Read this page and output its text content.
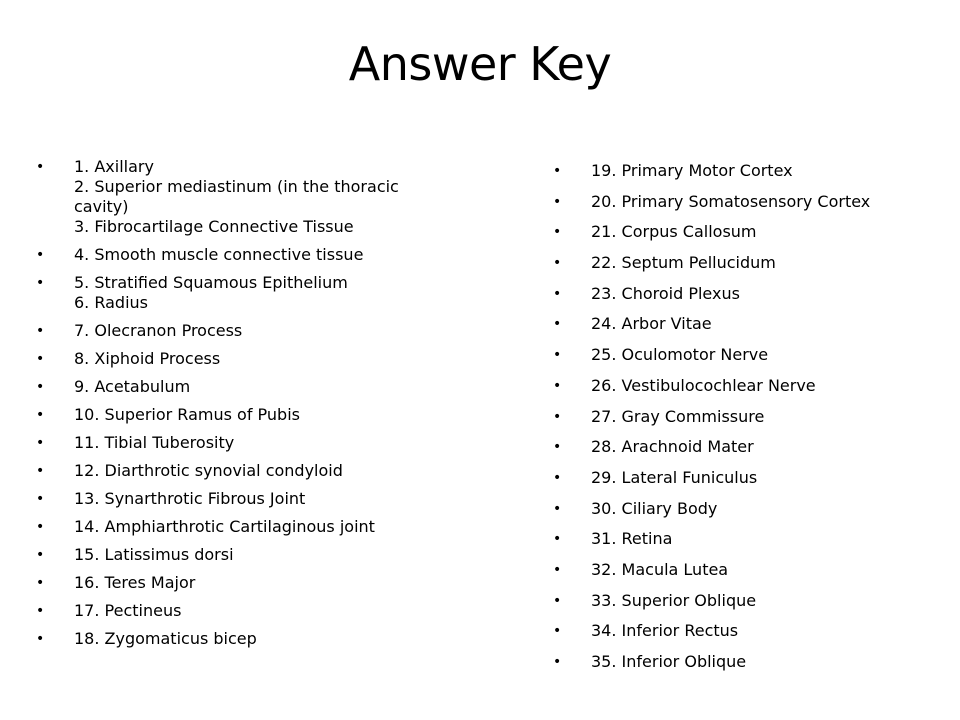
Answer Key
• 1. Axillary
2. Superior mediastinum (in the thoracic
cavity)
3. Fibrocartilage Connective Tissue
• 4. Smooth muscle connective tissue
• 5. Stratified Squamous Epithelium
6. Radius
• 7. Olecranon Process
• 8. Xiphoid Process
• 9. Acetabulum
• 10. Superior Ramus of Pubis
• 11. Tibial Tuberosity
• 12. Diarthrotic synovial condyloid
• 13. Synarthrotic Fibrous Joint
• 14. Amphiarthrotic Cartilaginous joint
• 15. Latissimus dorsi
• 16. Teres Major
• 17. Pectineus
• 18. Zygomaticus bicep
• 19. Primary Motor Cortex
• 20. Primary Somatosensory Cortex
• 21. Corpus Callosum
• 22. Septum Pellucidum
• 23. Choroid Plexus
• 24. Arbor Vitae
• 25. Oculomotor Nerve
• 26. Vestibulocochlear Nerve
• 27. Gray Commissure
• 28. Arachnoid Mater
• 29. Lateral Funiculus
• 30. Ciliary Body
• 31. Retina
• 32. Macula Lutea
• 33. Superior Oblique
• 34. Inferior Rectus
• 35. Inferior Oblique
